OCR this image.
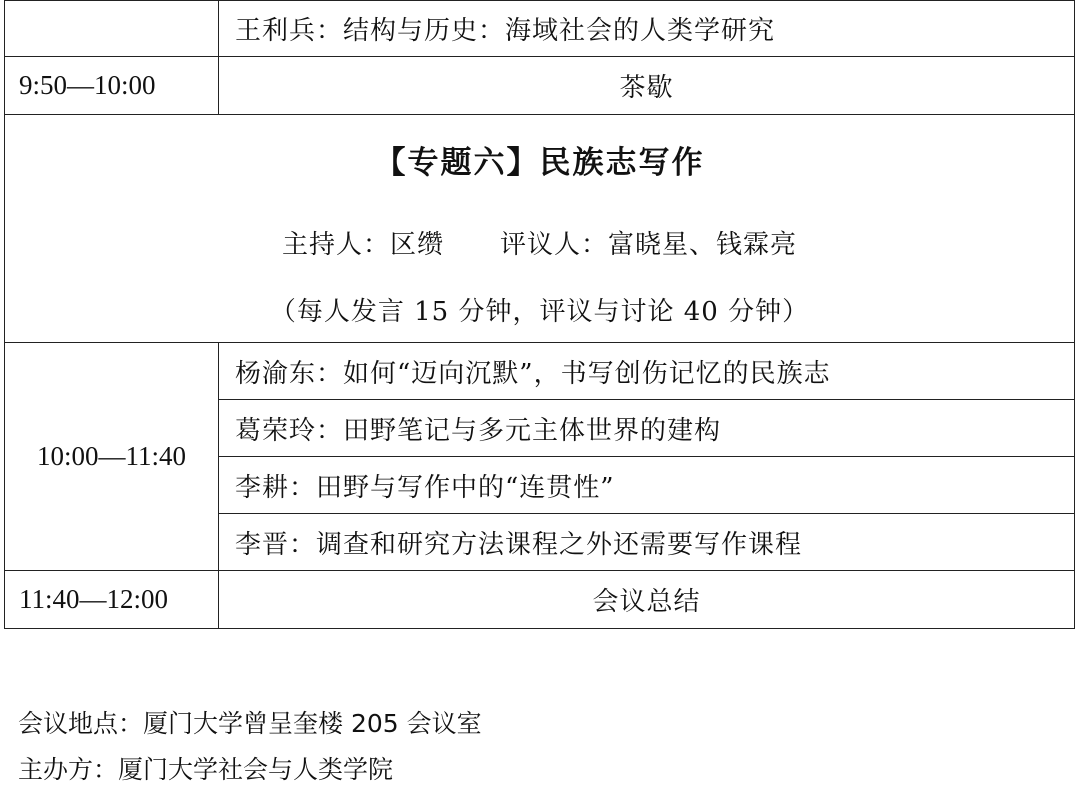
	王利兵：结构与历史：海域社会的人类学研究
9:50—10:00	茶歇

【专题六】民族志写作
主持人：区缵 评议人：富晓星、钱霖亮
（每人发言 15 分钟，评议与讨论 40 分钟）	

10:00—11:40	杨渝东：如何“迈向沉默”，书写创伤记忆的民族志
	葛荣玲：田野笔记与多元主体世界的建构
	李耕：田野与写作中的“连贯性”
	李晋：调查和研究方法课程之外还需要写作课程
11:40—12:00	会议总结
会议地点：厦门大学曾呈奎楼 205 会议室
主办方：厦门大学社会与人类学院
